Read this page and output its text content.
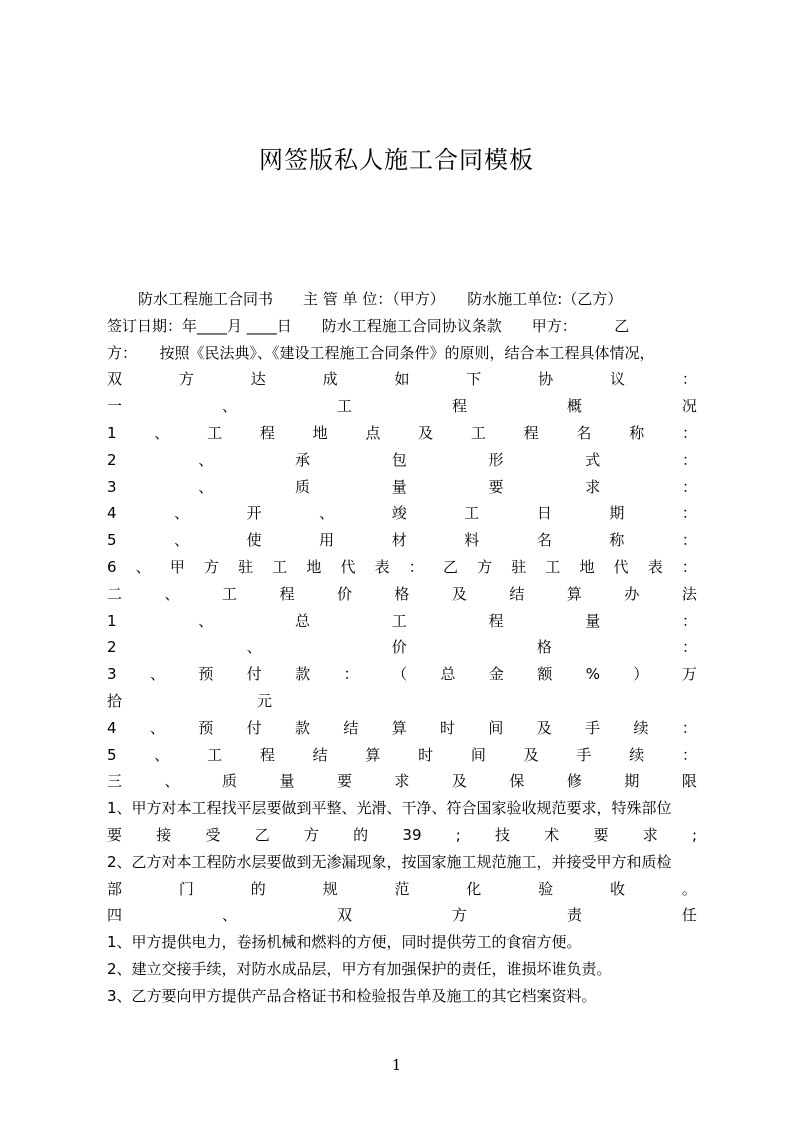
网签版私人施工合同模板
防水工程施工合同书　　主 管 单 位：（甲方）　　防水施工单位:（乙方）
签订日期：年____月 ____日　　防水工程施工合同协议条款　　甲方：　　　乙
方：　　按照《民法典》、《建设工程施工合同条件》的原则，结合本工程具体情况，
双	方	达	成	如	下	协	议	：
一	、	工	程	概	况
1	、	工	程	地	点	及	工	程	名	称	：
2	、	承	包	形	式	：
3	、	质	量	要	求	：
4	、	开	、	竣	工	日	期	：
5	、	使	用	材	料	名	称	：
6 、 甲 方 驻 工 地 代 表 ： 乙 方 驻 工 地 代 表 ：
二	、	工	程	价	格	及	结	算	办	法
1	、	总	工	程	量	：
2	、	价	格	：
3 、 预 付 款 ： （ 总 金 额 % ） 万
拾　　　　　　　　　元
4 、 预 付 款 结 算 时 间 及 手 续 ：
5	、	工	程	结	算	时	间	及	手	续	：
三	、	质	量	要	求	及	保	修	期	限
1、甲方对本工程找平层要做到平整、光滑、干净、符合国家验收规范要求，特殊部位
要 接 受 乙 方 的 39 ; 技 术 要 求 ;
2、乙方对本工程防水层要做到无渗漏现象，按国家施工规范施工，并接受甲方和质检
部	门	的	规	范	化	验	收	。
四	、	双	方	责	任
1、甲方提供电力，卷扬机械和燃料的方便，同时提供劳工的食宿方便。
2、建立交接手续，对防水成品层，甲方有加强保护的责任，谁损坏谁负责。
3、乙方要向甲方提供产品合格证书和检验报告单及施工的其它档案资料。
1
